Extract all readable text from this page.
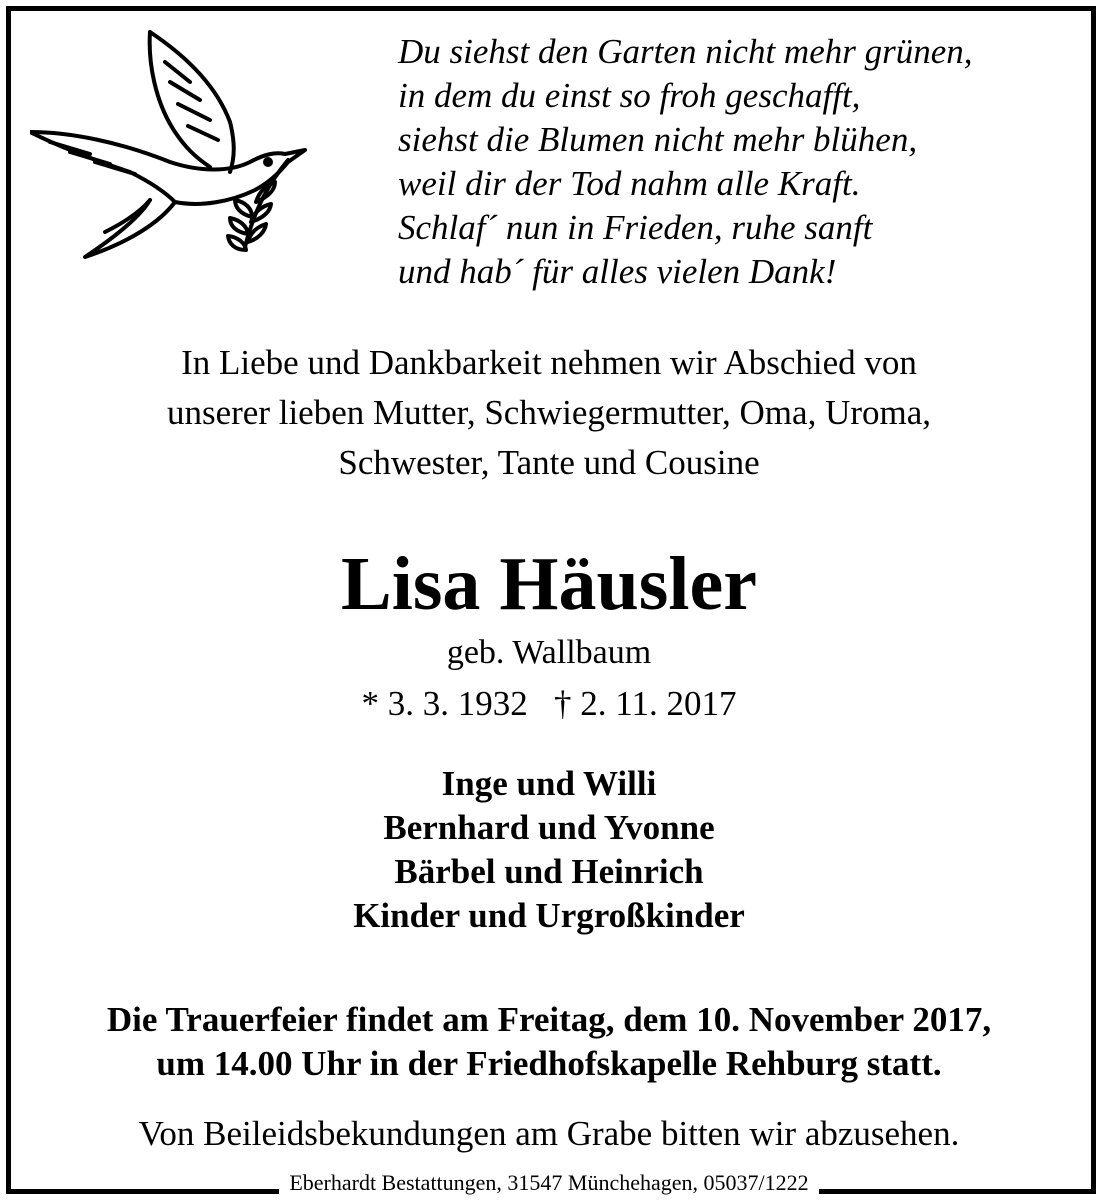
Du siehst den Garten nicht mehr grünen,
in dem du einst so froh geschafft,
siehst die Blumen nicht mehr blühen,
weil dir der Tod nahm alle Kraft.
Schlaf´ nun in Frieden, ruhe sanft
und hab´ für alles vielen Dank!
In Liebe und Dankbarkeit nehmen wir Abschied von
unserer lieben Mutter, Schwiegermutter, Oma, Uroma,
Schwester, Tante und Cousine
Lisa Häusler
geb. Wallbaum
* 3. 3. 1932   † 2. 11. 2017
Inge und Willi
Bernhard und Yvonne
Bärbel und Heinrich
Kinder und Urgroßkinder
Die Trauerfeier findet am Freitag, dem 10. November 2017,
um 14.00 Uhr in der Friedhofskapelle Rehburg statt.
Von Beileidsbekundungen am Grabe bitten wir abzusehen.
Eberhardt Bestattungen, 31547 Münchehagen, 05037/1222
